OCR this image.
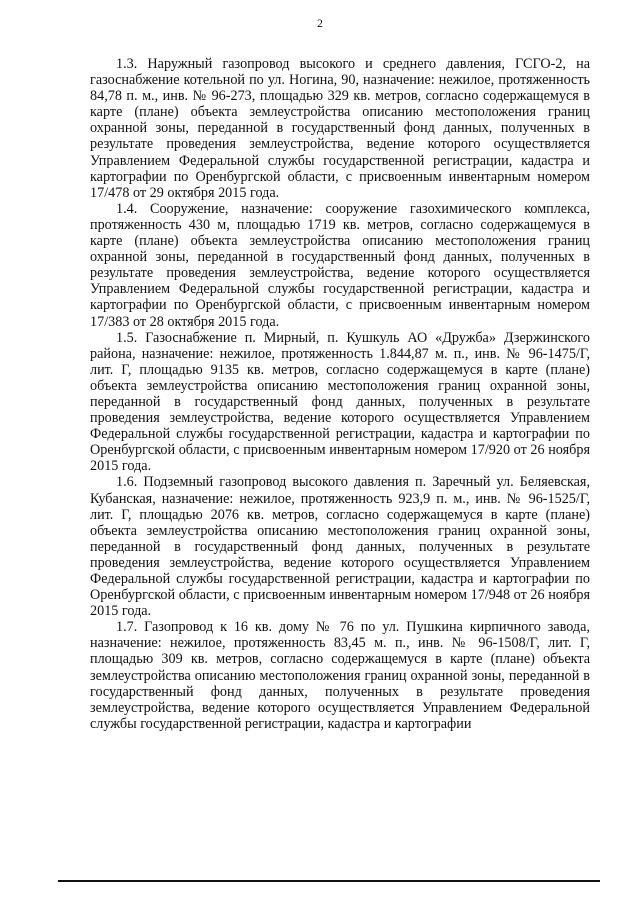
2

1.3. Наружный газопровод высокого и среднего давления, ГСГО-2, на газоснабжение котельной по ул. Ногина, 90, назначение: нежилое, протяженность 84,78 п. м., инв. № 96-273, площадью 329 кв. метров, согласно содержащемуся в карте (плане) объекта землеустройства описанию местоположения границ охранной зоны, переданной в государственный фонд данных, полученных в результате проведения землеустройства, ведение которого осуществляется Управлением Федеральной службы государственной регистрации, кадастра и картографии по Оренбургской области, с присвоенным инвентарным номером 17/478 от 29 октября 2015 года.

1.4. Сооружение, назначение: сооружение газохимического комплекса, протяженность 430 м, площадью 1719 кв. метров, согласно содержащемуся в карте (плане) объекта землеустройства описанию местоположения границ охранной зоны, переданной в государственный фонд данных, полученных в результате проведения землеустройства, ведение которого осуществляется Управлением Федеральной службы государственной регистрации, кадастра и картографии по Оренбургской области, с присвоенным инвентарным номером 17/383 от 28 октября 2015 года.

1.5. Газоснабжение п. Мирный, п. Кушкуль АО «Дружба» Дзержинского района, назначение: нежилое, протяженность 1.844,87 м. п., инв. № 96-1475/Г, лит. Г, площадью 9135 кв. метров, согласно содержащемуся в карте (плане) объекта землеустройства описанию местоположения границ охранной зоны, переданной в государственный фонд данных, полученных в результате проведения землеустройства, ведение которого осуществляется Управлением Федеральной службы государственной регистрации, кадастра и картографии по Оренбургской области, с присвоенным инвентарным номером 17/920 от 26 ноября 2015 года.

1.6. Подземный газопровод высокого давления п. Заречный ул. Беляевская, Кубанская, назначение: нежилое, протяженность 923,9 п. м., инв. № 96-1525/Г, лит. Г, площадью 2076 кв. метров, согласно содержащемуся в карте (плане) объекта землеустройства описанию местоположения границ охранной зоны, переданной в государственный фонд данных, полученных в результате проведения землеустройства, ведение которого осуществляется Управлением Федеральной службы государственной регистрации, кадастра и картографии по Оренбургской области, с присвоенным инвентарным номером 17/948 от 26 ноября 2015 года.

1.7. Газопровод к 16 кв. дому № 76 по ул. Пушкина кирпичного завода, назначение: нежилое, протяженность 83,45 м. п., инв. № 96-1508/Г, лит. Г, площадью 309 кв. метров, согласно содержащемуся в карте (плане) объекта землеустройства описанию местоположения границ охранной зоны, переданной в государственный фонд данных, полученных в результате проведения землеустройства, ведение которого осуществляется Управлением Федеральной службы государственной регистрации, кадастра и картографии
